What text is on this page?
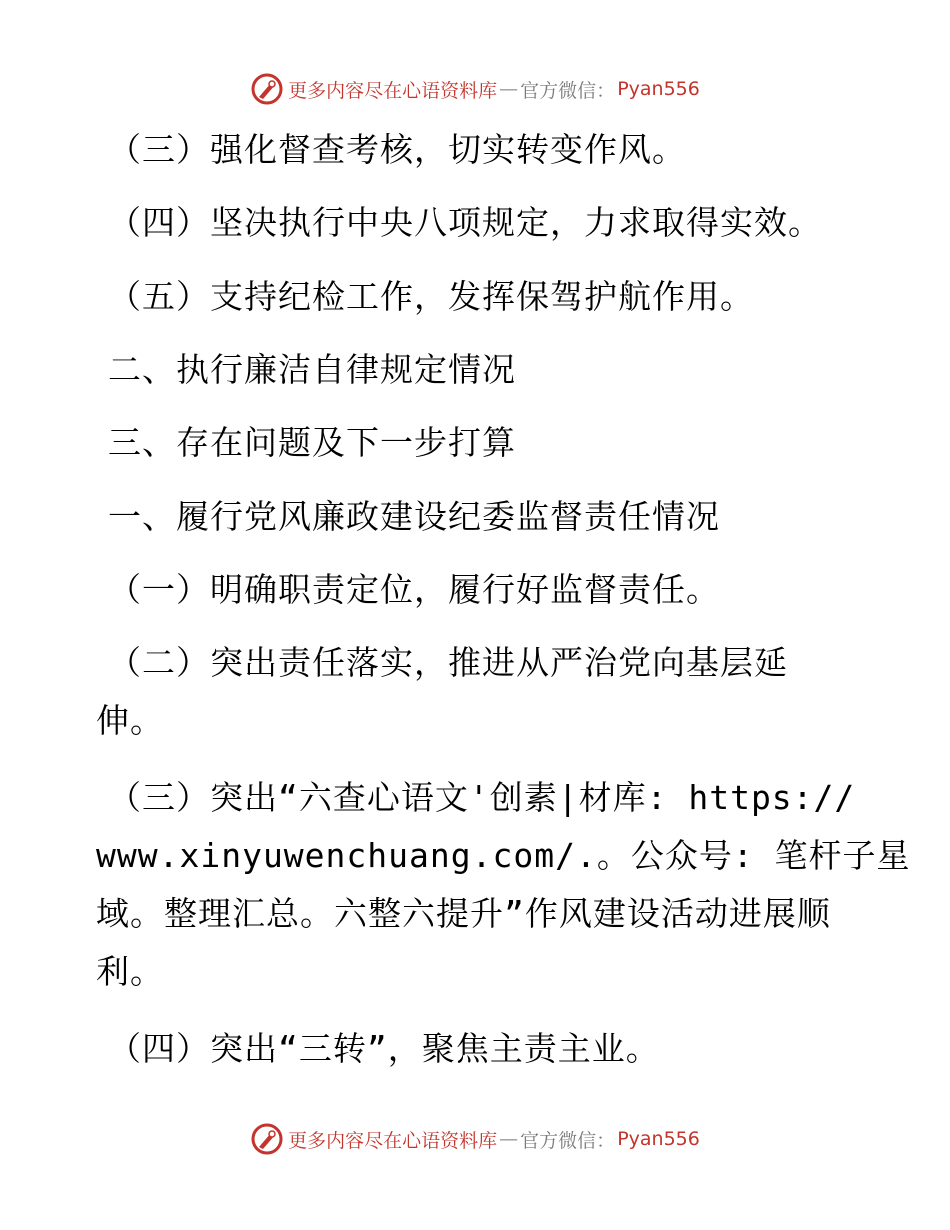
更多内容尽在心语资料库 — 官方微信： Pyan556
（三）强化督查考核，切实转变作风。
（四）坚决执行中央八项规定，力求取得实效。
（五）支持纪检工作，发挥保驾护航作用。
二、执行廉洁自律规定情况
三、存在问题及下一步打算
一、履行党风廉政建设纪委监督责任情况
（一）明确职责定位，履行好监督责任。
（二）突出责任落实，推进从严治党向基层延
伸。
（三）突出“六查心语文'创素|材库: https://
www.xinyuwenchuang.com/.。公众号: 笔杆子星
域。整理汇总。六整六提升”作风建设活动进展顺
利。
（四）突出“三转”，聚焦主责主业。
更多内容尽在心语资料库 — 官方微信： Pyan556
